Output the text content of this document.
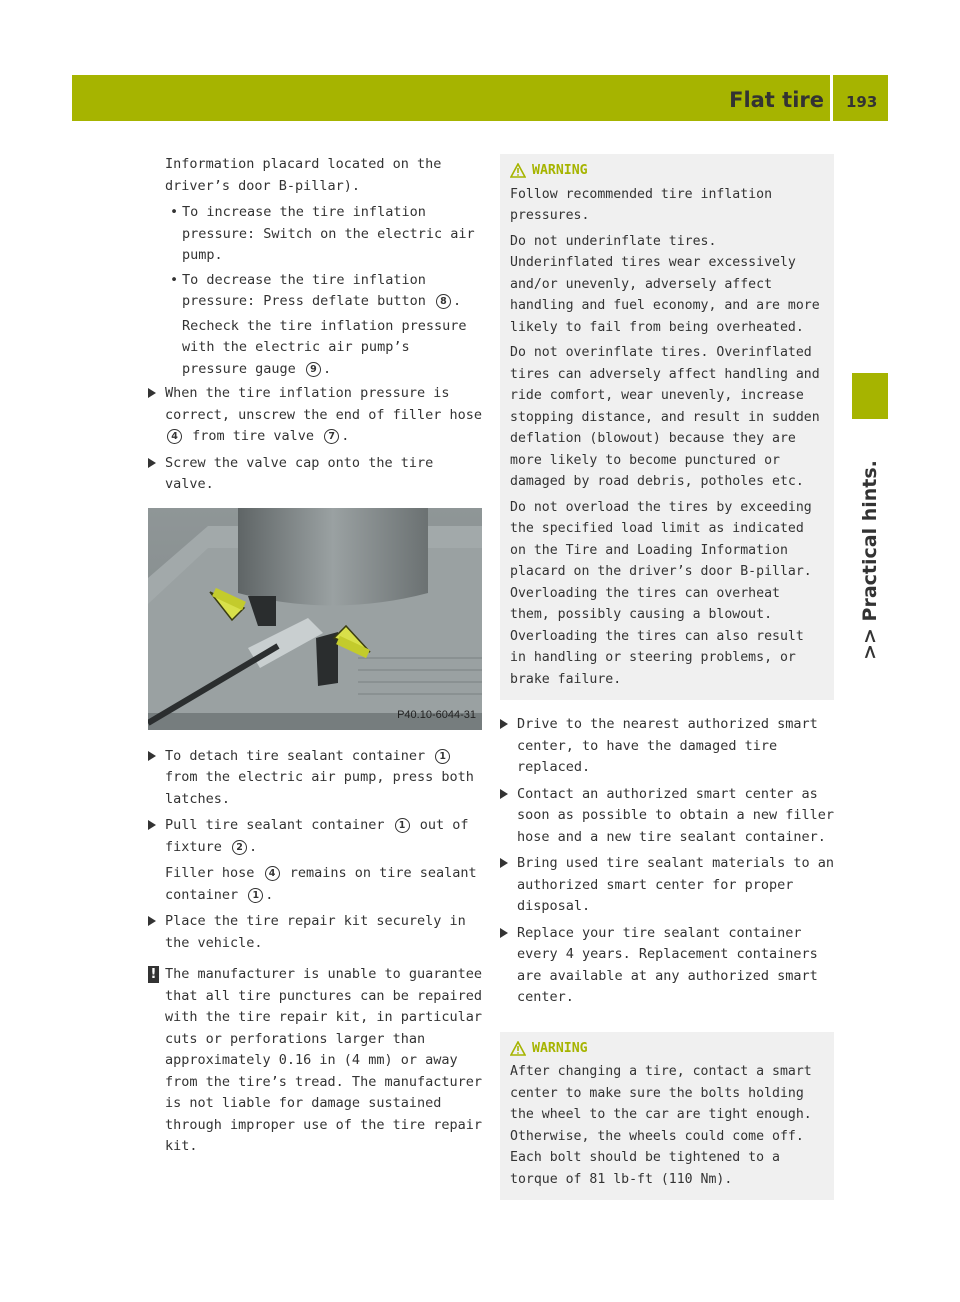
Flat tire 193
>> Practical hints.
Information placard located on the driver’s door B-pillar).
• To increase the tire inflation pressure: Switch on the electric air pump.
• To decrease the tire inflation pressure: Press deflate button 8 .
Recheck the tire inflation pressure with the electric air pump’s pressure gauge 9 .
When the tire inflation pressure is correct, unscrew the end of filler hose 4 from tire valve 7 .
Screw the valve cap onto the tire valve.
P40.10-6044-31
To detach tire sealant container 1 from the electric air pump, press both latches.
Pull tire sealant container 1 out of fixture 2 .
Filler hose 4 remains on tire sealant container 1 .
Place the tire repair kit securely in the vehicle.
! The manufacturer is unable to guarantee that all tire punctures can be repaired with the tire repair kit, in particular cuts or perforations larger than approximately 0.16 in (4 mm) or away from the tire’s tread. The manufacturer is not liable for damage sustained through improper use of the tire repair kit.
WARNING

Follow recommended tire inflation pressures.

Do not underinflate tires. Underinflated tires wear excessively and/or unevenly, adversely affect handling and fuel economy, and are more likely to fail from being overheated.

Do not overinflate tires. Overinflated tires can adversely affect handling and ride comfort, wear unevenly, increase stopping distance, and result in sudden deflation (blowout) because they are more likely to become punctured or damaged by road debris, potholes etc.

Do not overload the tires by exceeding the specified load limit as indicated on the Tire and Loading Information placard on the driver’s door B-pillar. Overloading the tires can overheat them, possibly causing a blowout. Overloading the tires can also result in handling or steering problems, or brake failure.

Drive to the nearest authorized smart center, to have the damaged tire replaced.
Contact an authorized smart center as soon as possible to obtain a new filler hose and a new tire sealant container.
Bring used tire sealant materials to an authorized smart center for proper disposal.
Replace your tire sealant container every 4 years. Replacement containers are available at any authorized smart center.
WARNING

After changing a tire, contact a smart center to make sure the bolts holding the wheel to the car are tight enough. Otherwise, the wheels could come off. Each bolt should be tightened to a torque of 81 lb-ft (110 Nm).
